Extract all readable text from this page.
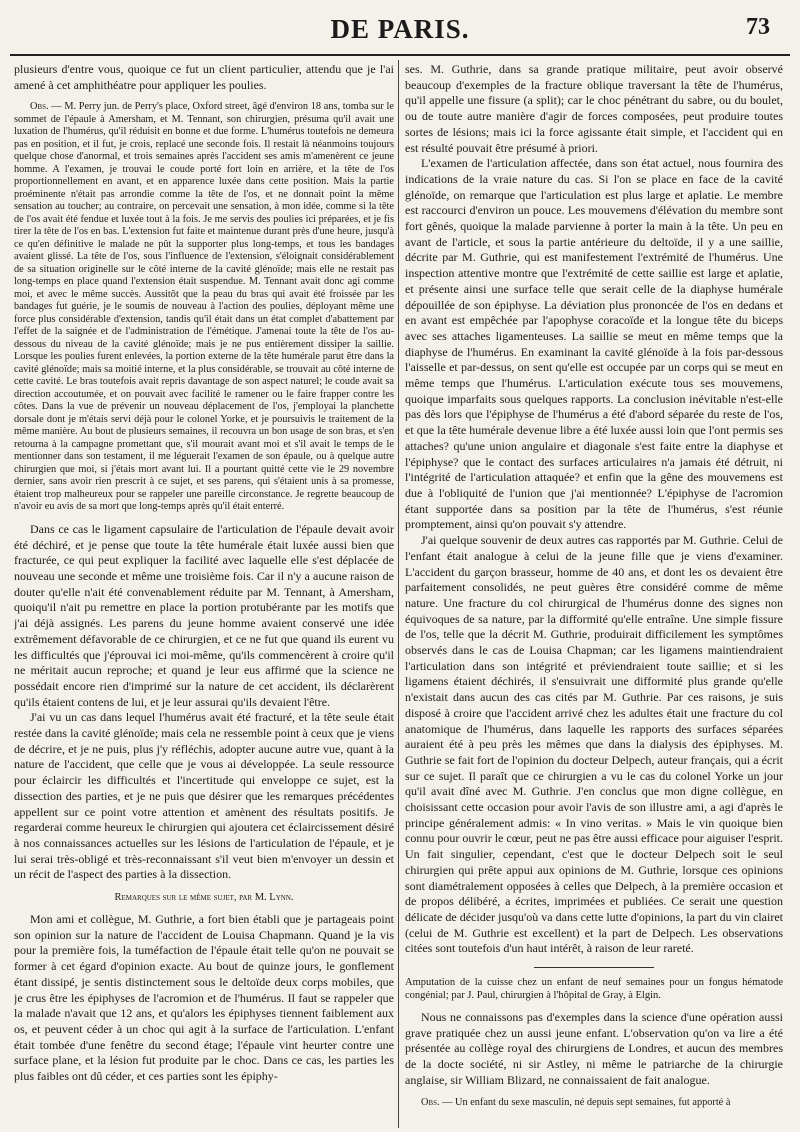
DE PARIS.	73

plusieurs d'entre vous, quoique ce fut un client particulier, attendu que je l'ai amené à cet amphithéatre pour appliquer les poulies.

Obs. — M. Perry jun. de Perry's place, Oxford street, âgé d'environ 18 ans, tomba sur le sommet de l'épaule à Amersham, et M. Tennant, son chirurgien, présuma qu'il avait une luxation de l'humérus, qu'il réduisit en bonne et due forme. L'humérus toutefois ne demeura pas en position, et il fut, je crois, replacé une seconde fois. Il restait là néanmoins toujours quelque chose d'anormal, et trois semaines après l'accident ses amis m'amenèrent ce jeune homme. A l'examen, je trouvai le coude porté fort loin en arrière, et la tête de l'os proportionnellement en avant, et en apparence luxée dans cette position. Mais la partie proéminente n'était pas arrondie comme la tête de l'os, et ne donnait point la même sensation au toucher; au contraire, on percevait une sensation, à mon idée, comme si la tête de l'os avait été fendue et luxée tout à la fois. Je me servis des poulies ici préparées, et je fis tirer la tête de l'os en bas. L'extension fut faite et maintenue durant près d'une heure, jusqu'à ce qu'en définitive le malade ne pût la supporter plus long-temps, et tous les bandages avaient glissé. La tête de l'os, sous l'influence de l'extension, s'éloignait considérablement de sa situation originelle sur le côté interne de la cavité glénoïde; mais elle ne restait pas long-temps en place quand l'extension était suspendue. M. Tennant avait donc agi comme moi, et avec le même succès. Aussitôt que la peau du bras qui avait été froissée par les bandages fut guérie, je le soumis de nouveau à l'action des poulies, déployant même une force plus considérable d'extension, tandis qu'il était dans un état complet d'abattement par l'effet de la saignée et de l'administration de l'émétique. J'amenai toute la tête de l'os au-dessous du niveau de la cavité glénoïde; mais je ne pus entièrement dissiper la saillie. Lorsque les poulies furent enlevées, la portion externe de la tête humérale parut être dans la cavité glénoïde; mais sa moitié interne, et la plus considérable, se trouvait au côté interne de cette cavité. Le bras toutefois avait repris davantage de son aspect naturel; le coude avait sa direction accoutumée, et on pouvait avec facilité le ramener ou le faire frapper contre les côtes. Dans la vue de prévenir un nouveau déplacement de l'os, j'employai la planchette dorsale dont je m'étais servi déjà pour le colonel Yorke, et je poursuivis le traitement de la même manière. Au bout de plusieurs semaines, il recouvra un bon usage de son bras, et s'en retourna à la campagne promettant que, s'il mourait avant moi et s'il avait le temps de le mentionner dans son testament, il me léguerait l'examen de son épaule, ou à quelque autre chirurgien que moi, si j'étais mort avant lui. Il a pourtant quitté cette vie le 29 novembre dernier, sans avoir rien prescrit à ce sujet, et ses parens, qui s'étaient unis à sa promesse, étaient trop malheureux pour se rappeler une pareille circonstance. Je regrette beaucoup de n'avoir eu avis de sa mort que long-temps après qu'il était enterré.

Dans ce cas le ligament capsulaire de l'articulation de l'épaule devait avoir été déchiré, et je pense que toute la tête humérale était luxée aussi bien que fracturée, ce qui peut expliquer la facilité avec laquelle elle s'est déplacée de nouveau une seconde et même une troisième fois. Car il n'y a aucune raison de douter qu'elle n'ait été convenablement réduite par M. Tennant, à Amersham, quoiqu'il n'ait pu remettre en place la portion protubérante par les motifs que j'ai déjà assignés. Les parens du jeune homme avaient conservé une idée extrêmement défavorable de ce chirurgien, et ce ne fut que quand ils eurent vu les difficultés que j'éprouvai ici moi-même, qu'ils commencèrent à croire qu'il ne méritait aucun reproche; et quand je leur eus affirmé que la science ne possédait encore rien d'imprimé sur la nature de cet accident, ils déclarèrent qu'ils étaient contens de lui, et je leur assurai qu'ils devaient l'être.

J'ai vu un cas dans lequel l'humérus avait été fracturé, et la tête seule était restée dans la cavité glénoïde; mais cela ne ressemble point à ceux que je viens de décrire, et je ne puis, plus j'y réfléchis, adopter aucune autre vue, quant à la nature de l'accident, que celle que je vous ai développée. La seule ressource pour éclaircir les difficultés et l'incertitude qui enveloppe ce sujet, est la dissection des parties, et je ne puis que désirer que les remarques précédentes appellent sur ce point votre attention et amènent des résultats positifs. Je regarderai comme heureux le chirurgien qui ajoutera cet éclaircissement désiré à nos connaissances actuelles sur les lésions de l'articulation de l'épaule, et je lui serai très-obligé et très-reconnaissant s'il veut bien m'envoyer un dessin et un récit de l'aspect des parties à la dissection.

Remarques sur le même sujet, par M. Lynn.

Mon ami et collègue, M. Guthrie, a fort bien établi que je partageais point son opinion sur la nature de l'accident de Louisa Chapmann. Quand je la vis pour la première fois, la tuméfaction de l'épaule était telle qu'on ne pouvait se former à cet égard d'opinion exacte. Au bout de quinze jours, le gonflement étant dissipé, je sentis distinctement sous le deltoïde deux corps mobiles, que je crus être les épiphyses de l'acromion et de l'humérus. Il faut se rappeler que la malade n'avait que 12 ans, et qu'alors les épiphyses tiennent faiblement aux os, et peuvent céder à un choc qui agit à la surface de l'articulation. L'enfant était tombée d'une fenêtre du second étage; l'épaule vint heurter contre une surface plane, et la lésion fut produite par le choc. Dans ce cas, les parties les plus faibles ont dû céder, et ces parties sont les épiphy-

ses. M. Guthrie, dans sa grande pratique militaire, peut avoir observé beaucoup d'exemples de la fracture oblique traversant la tête de l'humérus, qu'il appelle une fissure (a split); car le choc pénétrant du sabre, ou du boulet, ou de toute autre manière d'agir de forces composées, peut produire toutes sortes de lésions; mais ici la force agissante était simple, et l'accident qui en est résulté pouvait être présumé à priori.

L'examen de l'articulation affectée, dans son état actuel, nous fournira des indications de la vraie nature du cas. Si l'on se place en face de la cavité glénoïde, on remarque que l'articulation est plus large et aplatie. Le membre est raccourci d'environ un pouce. Les mouvemens d'élévation du membre sont fort gênés, quoique la malade parvienne à porter la main à la tête. Un peu en avant de l'article, et sous la partie antérieure du deltoïde, il y a une saillie, décrite par M. Guthrie, qui est manifestement l'extrémité de l'humérus. Une inspection attentive montre que l'extrémité de cette saillie est large et aplatie, et présente ainsi une surface telle que serait celle de la diaphyse humérale dépouillée de son épiphyse. La déviation plus prononcée de l'os en dedans et en avant est empêchée par l'apophyse coracoïde et la longue tête du biceps avec ses attaches ligamenteuses. La saillie se meut en même temps que la diaphyse de l'humérus. En examinant la cavité glénoïde à la fois par-dessous l'aisselle et par-dessus, on sent qu'elle est occupée par un corps qui se meut en même temps que l'humérus. L'articulation exécute tous ses mouvemens, quoique imparfaits sous quelques rapports. La conclusion inévitable n'est-elle pas dès lors que l'épiphyse de l'humérus a été d'abord séparée du reste de l'os, et que la tête humérale devenue libre a été luxée aussi loin que l'ont permis ses attaches? qu'une union angulaire et diagonale s'est faite entre la diaphyse et l'épiphyse? que le contact des surfaces articulaires n'a jamais été détruit, ni l'intégrité de l'articulation attaquée? et enfin que la gêne des mouvemens est due à l'obliquité de l'union que j'ai mentionnée? L'épiphyse de l'acromion étant supportée dans sa position par la tête de l'humérus, s'est réunie promptement, ainsi qu'on pouvait s'y attendre.

J'ai quelque souvenir de deux autres cas rapportés par M. Guthrie. Celui de l'enfant était analogue à celui de la jeune fille que je viens d'examiner. L'accident du garçon brasseur, homme de 40 ans, et dont les os devaient être parfaitement consolidés, ne peut guères être considéré comme de même nature. Une fracture du col chirurgical de l'humérus donne des signes non équivoques de sa nature, par la difformité qu'elle entraîne. Une simple fissure de l'os, telle que la décrit M. Guthrie, produirait difficilement les symptômes observés dans le cas de Louisa Chapman; car les ligamens maintiendraient l'articulation dans son intégrité et préviendraient toute saillie; et si les ligamens étaient déchirés, il s'ensuivrait une difformité plus grande qu'elle n'existait dans aucun des cas cités par M. Guthrie. Par ces raisons, je suis disposé à croire que l'accident arrivé chez les adultes était une fracture du col anatomique de l'humérus, dans laquelle les rapports des surfaces séparées auraient été à peu près les mêmes que dans la dialysis des épiphyses. M. Guthrie se fait fort de l'opinion du docteur Delpech, auteur français, qui a écrit sur ce sujet. Il paraît que ce chirurgien a vu le cas du colonel Yorke un jour qu'il avait dîné avec M. Guthrie. J'en conclus que mon digne collègue, en choisissant cette occasion pour avoir l'avis de son illustre ami, a agi d'après le principe généralement admis: « In vino veritas. » Mais le vin quoique bien connu pour ouvrir le cœur, peut ne pas être aussi efficace pour aiguiser l'esprit. Un fait singulier, cependant, c'est que le docteur Delpech soit le seul chirurgien qui prête appui aux opinions de M. Guthrie, lorsque ces opinions sont diamétralement opposées à celles que Delpech, à la première occasion et de propos délibéré, a écrites, imprimées et publiées. Ce serait une question délicate de décider jusqu'où va dans cette lutte d'opinions, la part du vin clairet (celui de M. Guthrie est excellent) et la part de Delpech. Les observations citées sont toutefois d'un haut intérêt, à raison de leur rareté.

Amputation de la cuisse chez un enfant de neuf semaines pour un fongus hématode congénial; par J. Paul, chirurgien à l'hôpital de Gray, à Elgin.

Nous ne connaissons pas d'exemples dans la science d'une opération aussi grave pratiquée chez un aussi jeune enfant. L'observation qu'on va lire a été présentée au collège royal des chirurgiens de Londres, et aucun des membres de la docte société, ni sir Astley, ni même le patriarche de la chirurgie anglaise, sir William Blizard, ne connaissaient de fait analogue.

Obs. — Un enfant du sexe masculin, né depuis sept semaines, fut apporté à
